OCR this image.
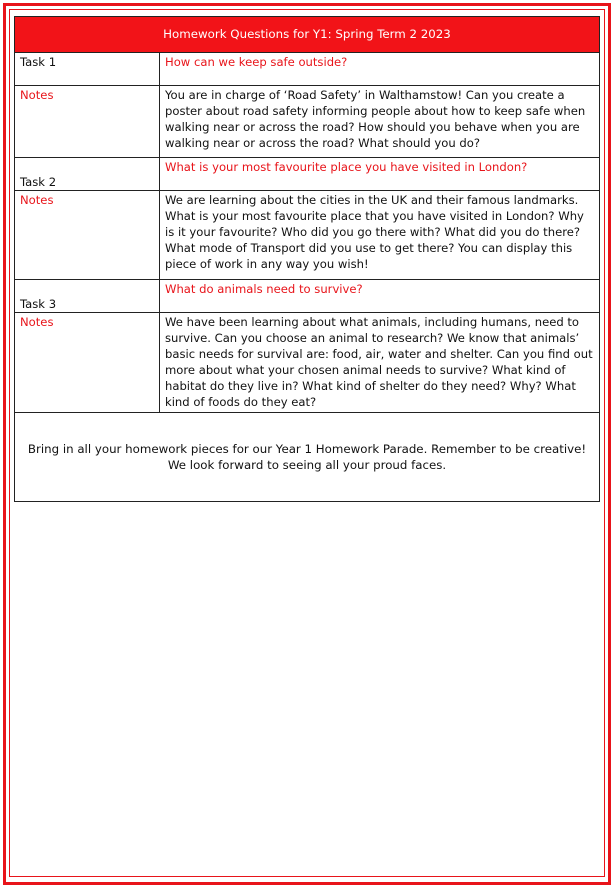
Homework Questions for Y1: Spring Term 2 2023	
Task 1	How can we keep safe outside?
Notes	You are in charge of ‘Road Safety’ in Walthamstow! Can you create a poster about road safety informing people about how to keep safe when walking near or across the road? How should you behave when you are walking near or across the road? What should you do?
Task 2	What is your most favourite place you have visited in London?
Notes	We are learning about the cities in the UK and their famous landmarks. What is your most favourite place that you have visited in London? Why is it your favourite? Who did you go there with? What did you do there? What mode of Transport did you use to get there? You can display this piece of work in any way you wish!
Task 3	What do animals need to survive?
Notes	We have been learning about what animals, including humans, need to survive. Can you choose an animal to research? We know that animals’ basic needs for survival are: food, air, water and shelter. Can you find out more about what your chosen animal needs to survive? What kind of habitat do they live in? What kind of shelter do they need? Why? What kind of foods do they eat?

Bring in all your homework pieces for our Year 1 Homework Parade. Remember to be creative!
We look forward to seeing all your proud faces.	
